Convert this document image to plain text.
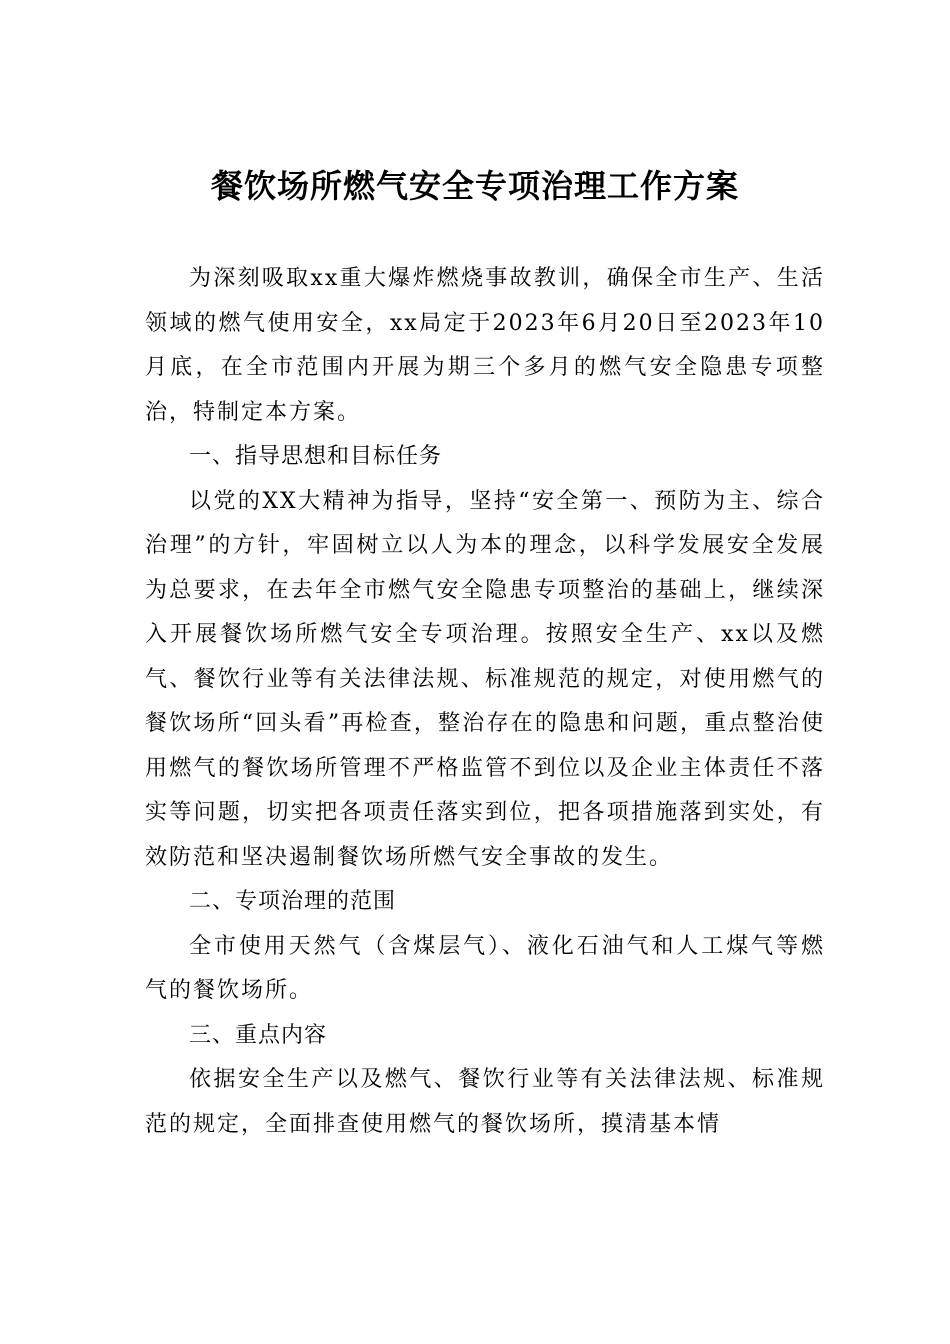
餐饮场所燃气安全专项治理工作方案

为深刻吸取xx重大爆炸燃烧事故教训，确保全市生产、生活领域的燃气使用安全，xx局定于2023年6月20日至2023年10月底，在全市范围内开展为期三个多月的燃气安全隐患专项整治，特制定本方案。

一、指导思想和目标任务

以党的XX大精神为指导，坚持“安全第一、预防为主、综合治理”的方针，牢固树立以人为本的理念，以科学发展安全发展为总要求，在去年全市燃气安全隐患专项整治的基础上，继续深入开展餐饮场所燃气安全专项治理。按照安全生产、xx以及燃气、餐饮行业等有关法律法规、标准规范的规定，对使用燃气的餐饮场所“回头看”再检查，整治存在的隐患和问题，重点整治使用燃气的餐饮场所管理不严格监管不到位以及企业主体责任不落实等问题，切实把各项责任落实到位，把各项措施落到实处，有效防范和坚决遏制餐饮场所燃气安全事故的发生。

二、专项治理的范围

全市使用天然气（含煤层气）、液化石油气和人工煤气等燃气的餐饮场所。

三、重点内容

依据安全生产以及燃气、餐饮行业等有关法律法规、标准规范的规定，全面排查使用燃气的餐饮场所，摸清基本情
